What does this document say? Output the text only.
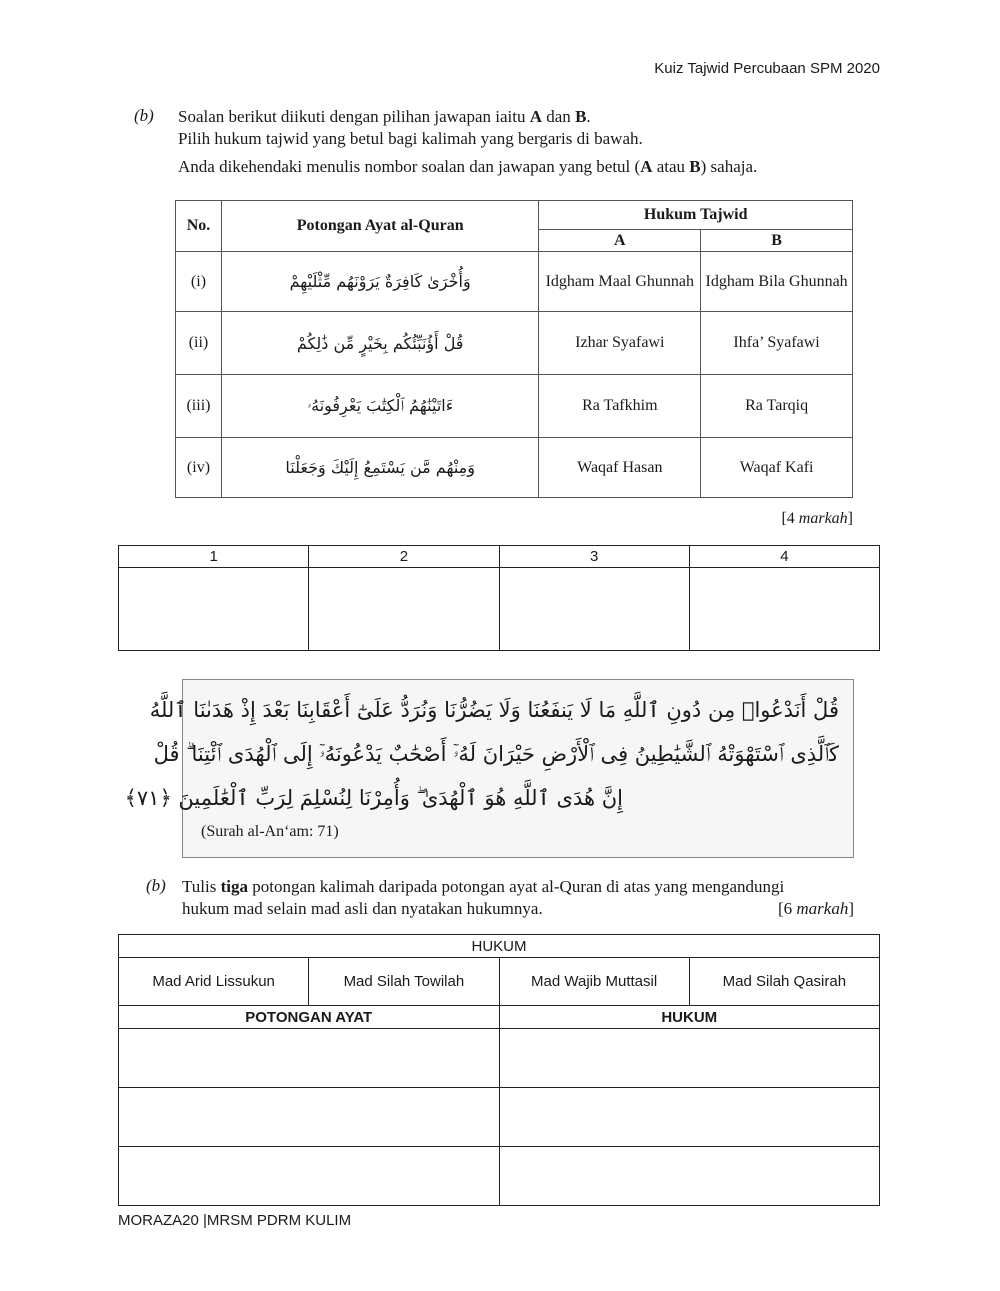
Kuiz Tajwid Percubaan SPM 2020
MORAZA20 |MRSM PDRM KULIM
(b) Soalan berikut diikuti dengan pilihan jawapan iaitu A dan B.
Pilih hukum tajwid yang betul bagi kalimah yang bergaris di bawah.
Anda dikehendaki menulis nombor soalan dan jawapan yang betul (A atau B) sahaja.
No.	Potongan Ayat al-Quran	Hukum Tajwid	
		A	B
(i)	وَأُخْرَىٰ كَافِرَةٌ يَرَوْنَهُم مِّثْلَيْهِمْ	Idgham Maal Ghunnah	Idgham Bila Ghunnah
(ii)	قُلْ أَؤُنَبِّئُكُم بِخَيْرٍ مِّن ذَٰلِكُمْ	Izhar Syafawi	Ihfa’ Syafawi
(iii)	ءَاتَيْنَٰهُمُ ٱلْكِتَٰبَ يَعْرِفُونَهُۥ	Ra Tafkhim	Ra Tarqiq
(iv)	وَمِنْهُم مَّن يَسْتَمِعُ إِلَيْكَ وَجَعَلْنَا	Waqaf Hasan	Waqaf Kafi
[4 markah]
1	2	3	4

قُلْ أَنَدْعُوا۟ مِن دُونِ ٱللَّهِ مَا لَا يَنفَعُنَا وَلَا يَضُرُّنَا وَنُرَدُّ عَلَىٰٓ أَعْقَابِنَا بَعْدَ إِذْ هَدَىٰنَا ٱللَّهُ
كَٱلَّذِى ٱسْتَهْوَتْهُ ٱلشَّيَٰطِينُ فِى ٱلْأَرْضِ حَيْرَانَ لَهُۥٓ أَصْحَٰبٌ يَدْعُونَهُۥٓ إِلَى ٱلْهُدَى ٱئْتِنَا ۗ قُلْ
إِنَّ هُدَى ٱللَّهِ هُوَ ٱلْهُدَىٰ ۖ وَأُمِرْنَا لِنُسْلِمَ لِرَبِّ ٱلْعَٰلَمِينَ ﴿٧١﴾
(Surah al-An‘am: 71)
(b) Tulis tiga potongan kalimah daripada potongan ayat al-Quran di atas yang mengandungi
hukum mad selain mad asli dan nyatakan hukumnya.	[6 markah]
HUKUM			
Mad Arid Lissukun	Mad Silah Towilah	Mad Wajib Muttasil	Mad Silah Qasirah
POTONGAN AYAT		HUKUM	
